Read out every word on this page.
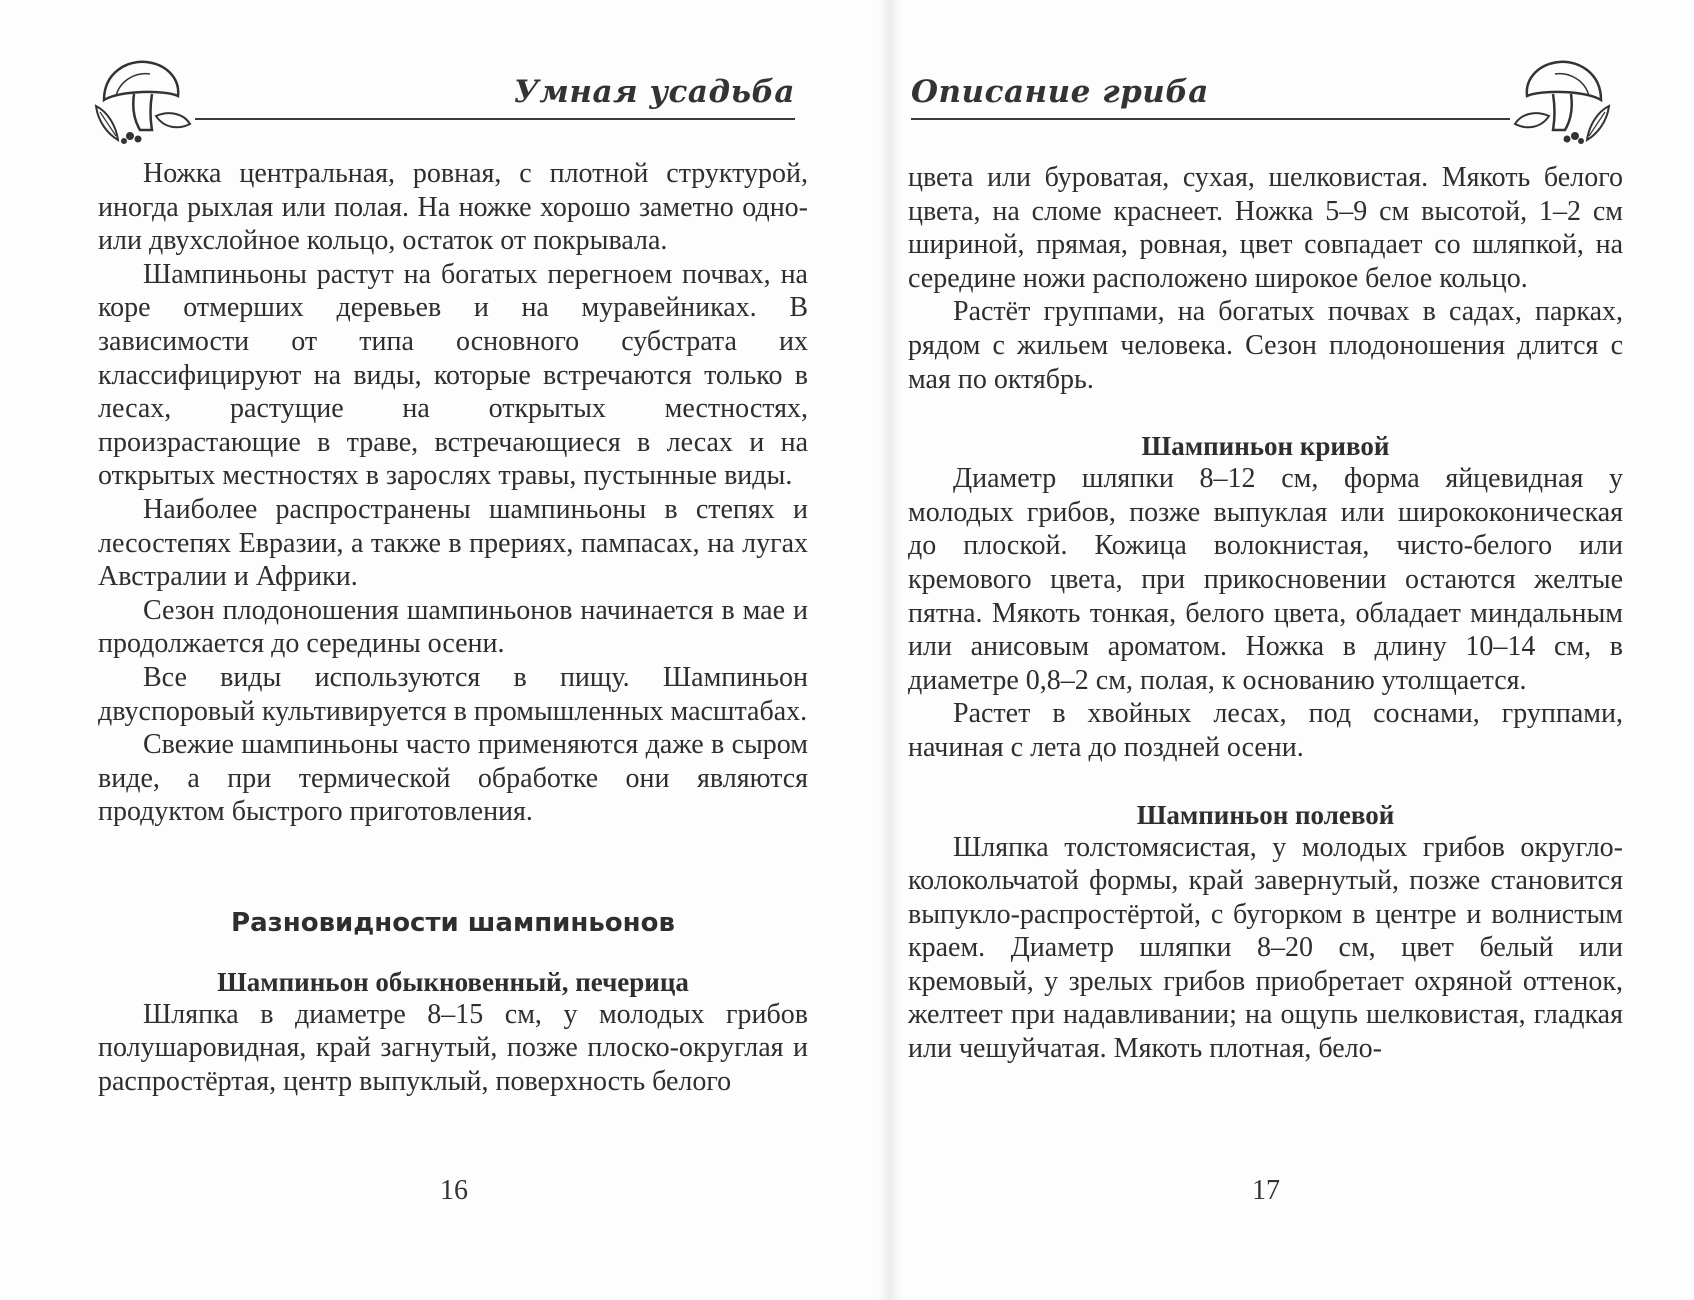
Умная усадьба

Ножка центральная, ровная, с плотной структурой, иногда рыхлая или полая. На ножке хорошо заметно одно- или двухслойное кольцо, остаток от покрывала.

Шампиньоны растут на богатых перегноем почвах, на коре отмерших деревьев и на муравейниках. В зависимости от типа основного субстрата их классифицируют на виды, которые встречаются только в лесах, растущие на открытых местностях, произрастающие в траве, встречающиеся в лесах и на открытых местностях в зарослях травы, пустынные виды.

Наиболее распространены шампиньоны в степях и лесостепях Евразии, а также в прериях, пампасах, на лугах Австралии и Африки.

Сезон плодоношения шампиньонов начинается в мае и продолжается до середины осени.

Все виды используются в пищу. Шампиньон двуспоровый культивируется в промышленных масштабах.

Свежие шампиньоны часто применяются даже в сыром виде, а при термической обработке они являются продуктом быстрого приготовления.

Разновидности шампиньонов
Шампиньон обыкновенный, печерица

Шляпка в диаметре 8–15 см, у молодых грибов полушаровидная, край загнутый, позже плоско-округлая и распростёртая, центр выпуклый, поверхность белого

16
Описание гриба

цвета или буроватая, сухая, шелковистая. Мякоть белого цвета, на сломе краснеет. Ножка 5–9 см высотой, 1–2 см шириной, прямая, ровная, цвет совпадает со шляпкой, на середине ножи расположено широкое белое кольцо.

Растёт группами, на богатых почвах в садах, парках, рядом с жильем человека. Сезон плодоношения длится с мая по октябрь.

Шампиньон кривой

Диаметр шляпки 8–12 см, форма яйцевидная у молодых грибов, позже выпуклая или ширококоническая до плоской. Кожица волокнистая, чисто-белого или кремового цвета, при прикосновении остаются желтые пятна. Мякоть тонкая, белого цвета, обладает миндальным или анисовым ароматом. Ножка в длину 10–14 см, в диаметре 0,8–2 см, полая, к основанию утолщается.

Растет в хвойных лесах, под соснами, группами, начиная с лета до поздней осени.

Шампиньон полевой

Шляпка толстомясистая, у молодых грибов округло-колокольчатой формы, край завернутый, позже становится выпукло-распростёртой, с бугорком в центре и волнистым краем. Диаметр шляпки 8–20 см, цвет белый или кремовый, у зрелых грибов приобретает охряной оттенок, желтеет при надавливании; на ощупь шелковистая, гладкая или чешуйчатая. Мякоть плотная, бело-

17
